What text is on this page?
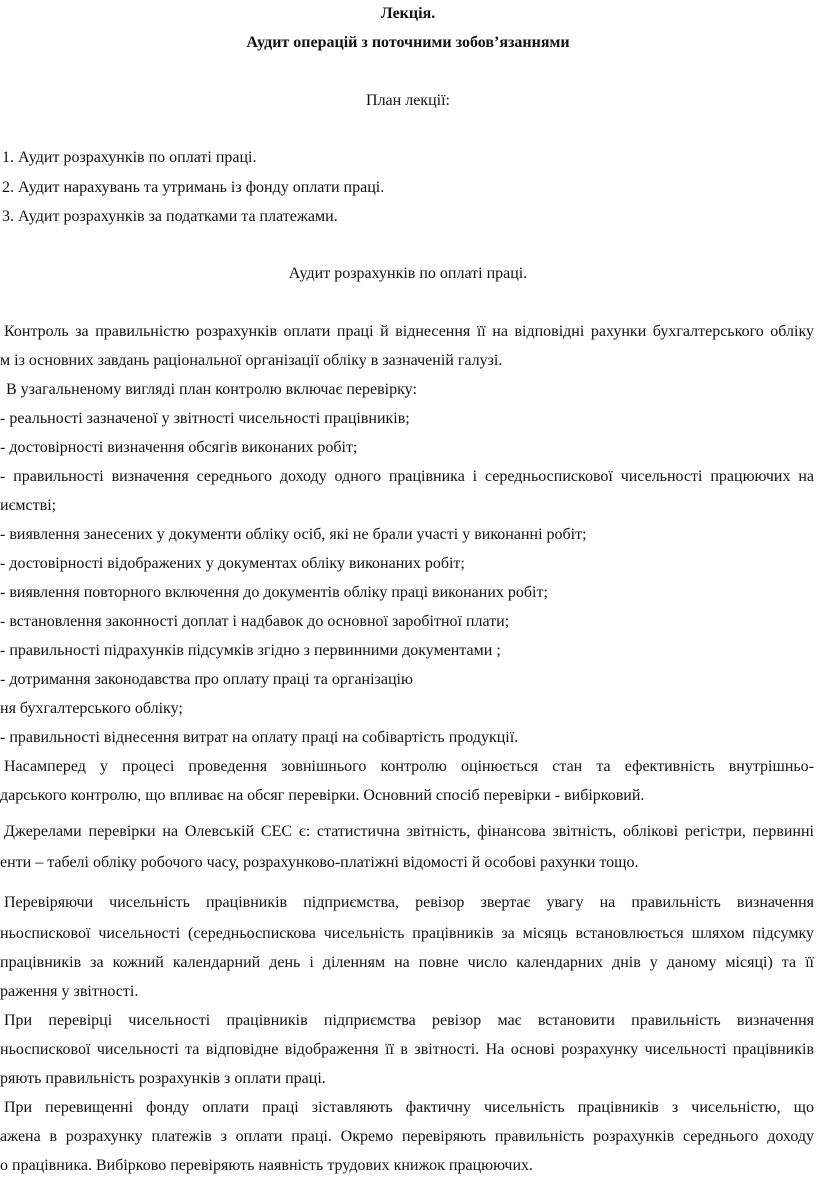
Лекція.
Аудит операцій з поточними зобов’язаннями
План лекції:
1. Аудит розрахунків по оплаті праці.
2. Аудит нарахувань та утримань із фонду оплати праці.
3. Аудит розрахунків за податками та платежами.
Аудит розрахунків по оплаті праці.
Контроль за правильністю розрахунків оплати праці й віднесення її на відповідні рахунки бухгалтерського обліку
м із основних завдань раціональної організації обліку в зазначеній галузі.
В узагальненому вигляді план контролю включає перевірку:
- реальності зазначеної у звітності чисельності працівників;
- достовірності визначення обсягів виконаних робіт;
- правильності визначення середнього доходу одного працівника і середньоспискової чисельності працюючих на
иємстві;
- виявлення занесених у документи обліку осіб, які не брали участі у виконанні робіт;
- достовірності відображених у документах обліку виконаних робіт;
- виявлення повторного включення до документів обліку праці виконаних робіт;
- встановлення законності доплат і надбавок до основної заробітної плати;
- правильності підрахунків підсумків згідно з первинними документами ;
- дотримання законодавства про оплату праці та організацію
ня бухгалтерського обліку;
- правильності віднесення витрат на оплату праці на собівартість продукції.
Насамперед у процесі проведення зовнішнього контролю оцінюється стан та ефективність внутрішньо-
дарського контролю, що впливає на обсяг перевірки. Основний спосіб перевірки - вибірковий.
Джерелами перевірки на Олевській СЕС є: статистична звітність, фінансова звітність, облікові регістри, первинні
енти – табелі обліку робочого часу, розрахунково-платіжні відомості й особові рахунки тощо.
Перевіряючи чисельність працівників підприємства, ревізор звертає увагу на правильність визначення
ньоспискової чисельності (середньоспискова чисельність працівників за місяць встановлюється шляхом підсумку
працівників за кожний календарний день і діленням на повне число календарних днів у даному місяці) та її
раження у звітності.
При перевірці чисельності працівників підприємства ревізор має встановити правильність визначення
ньоспискової чисельності та відповідне відображення її в звітності. На основі розрахунку чисельності працівників
ряють правильність розрахунків з оплати праці.
При перевищенні фонду оплати праці зіставляють фактичну чисельність працівників з чисельністю, що
ажена в розрахунку платежів з оплати праці. Окремо перевіряють правильність розрахунків середнього доходу
о працівника. Вибірково перевіряють наявність трудових книжок працюючих.
